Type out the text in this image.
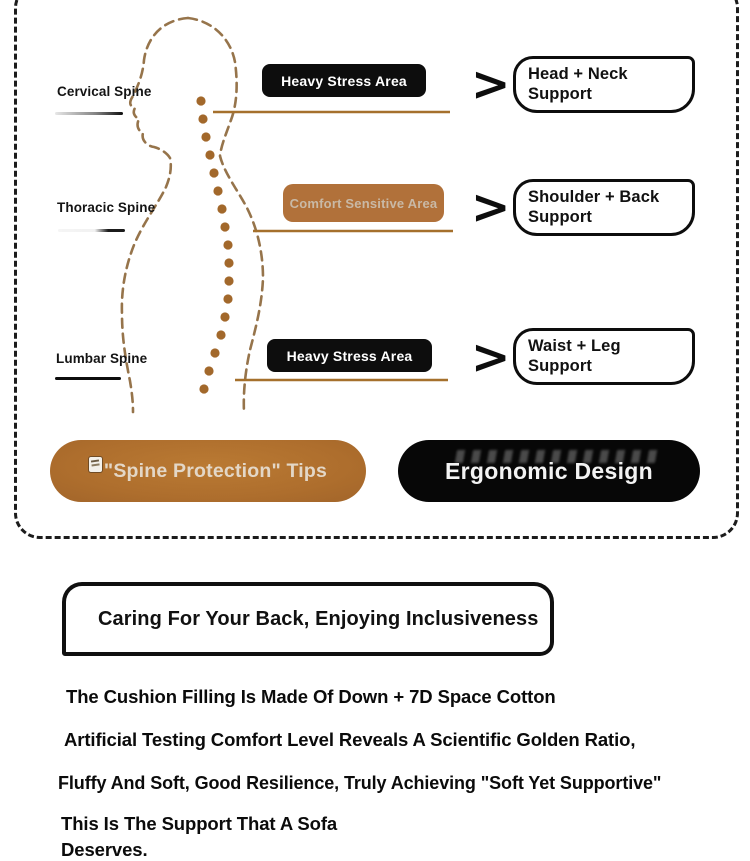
Cervical Spine
Thoracic Spine
Lumbar Spine
Heavy Stress Area
Comfort Sensitive Area
Heavy Stress Area
>
>
>
Head + Neck
Support
Shoulder + Back
Support
Waist + Leg
Support
"Spine Protection" Tips	Ergonomic Design
Caring For Your Back, Enjoying Inclusiveness
The Cushion Filling Is Made Of Down + 7D Space Cotton
Artificial Testing Comfort Level Reveals A Scientific Golden Ratio,
Fluffy And Soft, Good Resilience, Truly Achieving "Soft Yet Supportive"
This Is The Support That A Sofa
Deserves.
